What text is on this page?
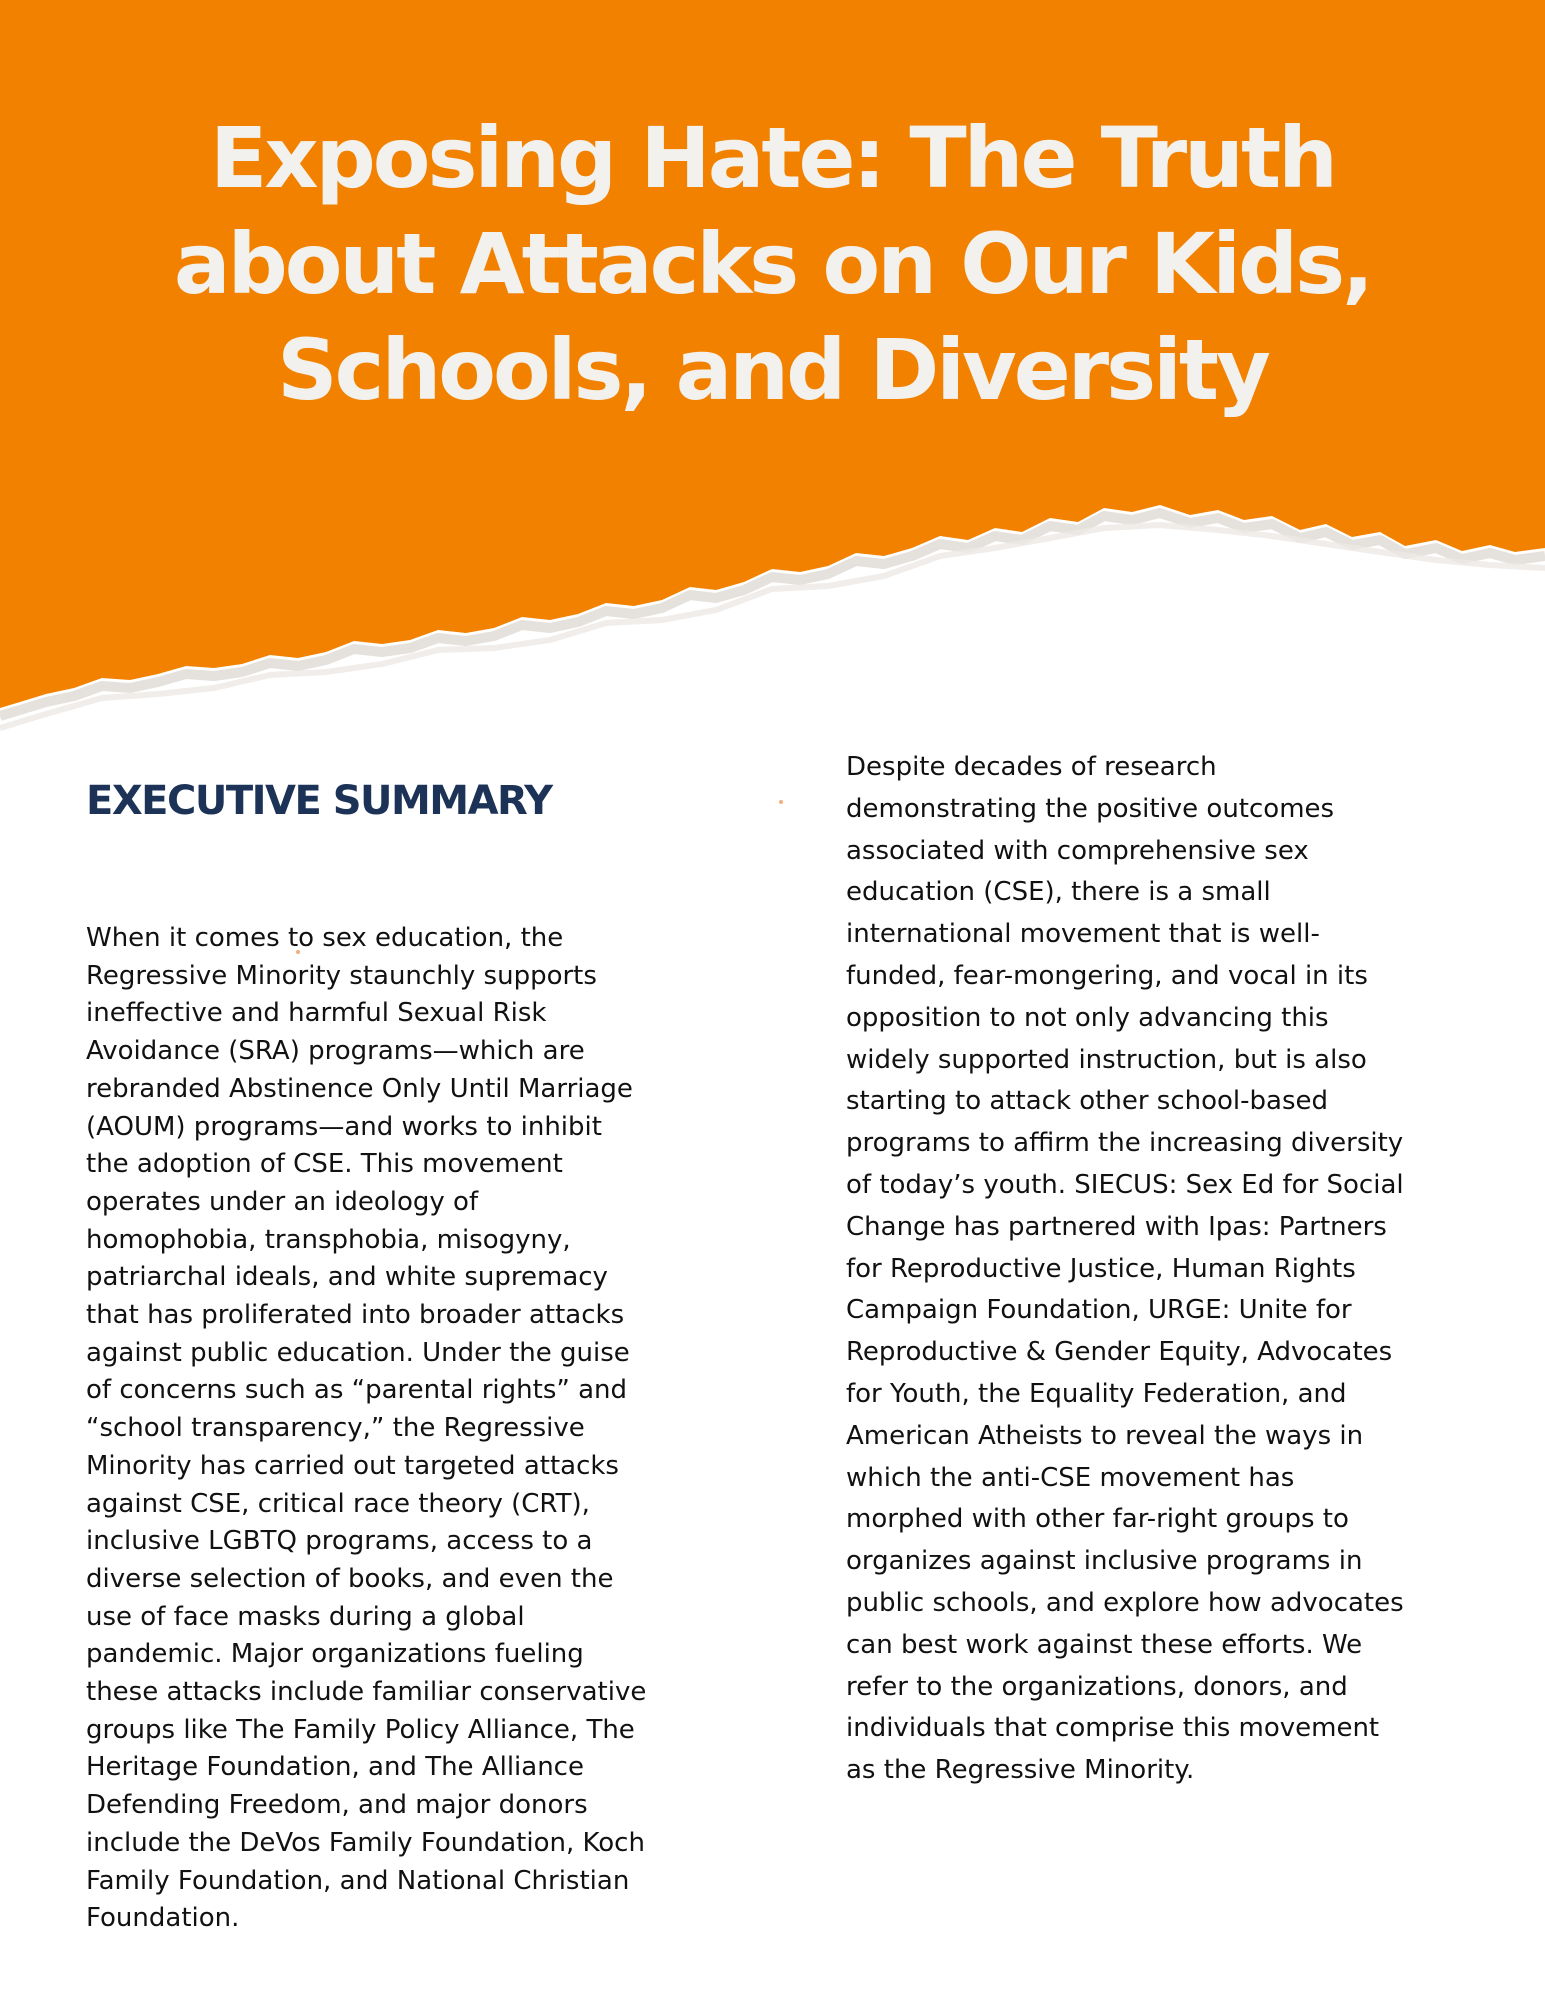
Exposing Hate: The Truth
about Attacks on Our Kids,
Schools, and Diversity
EXECUTIVE SUMMARY

When it comes to sex education, the
Regressive Minority staunchly supports
ineffective and harmful Sexual Risk
Avoidance (SRA) programs—which are
rebranded Abstinence Only Until Marriage
(AOUM) programs—and works to inhibit
the adoption of CSE. This movement
operates under an ideology of
homophobia, transphobia, misogyny,
patriarchal ideals, and white supremacy
that has proliferated into broader attacks
against public education. Under the guise
of concerns such as “parental rights” and
“school transparency,” the Regressive
Minority has carried out targeted attacks
against CSE, critical race theory (CRT),
inclusive LGBTQ programs, access to a
diverse selection of books, and even the
use of face masks during a global
pandemic. Major organizations fueling
these attacks include familiar conservative
groups like The Family Policy Alliance, The
Heritage Foundation, and The Alliance
Defending Freedom, and major donors
include the DeVos Family Foundation, Koch
Family Foundation, and National Christian
Foundation.

Despite decades of research
demonstrating the positive outcomes
associated with comprehensive sex
education (CSE), there is a small
international movement that is well-
funded, fear-mongering, and vocal in its
opposition to not only advancing this
widely supported instruction, but is also
starting to attack other school-based
programs to affirm the increasing diversity
of today’s youth. SIECUS: Sex Ed for Social
Change has partnered with Ipas: Partners
for Reproductive Justice, Human Rights
Campaign Foundation, URGE: Unite for
Reproductive & Gender Equity, Advocates
for Youth, the Equality Federation, and
American Atheists to reveal the ways in
which the anti-CSE movement has
morphed with other far-right groups to
organizes against inclusive programs in
public schools, and explore how advocates
can best work against these efforts. We
refer to the organizations, donors, and
individuals that comprise this movement
as the Regressive Minority.
